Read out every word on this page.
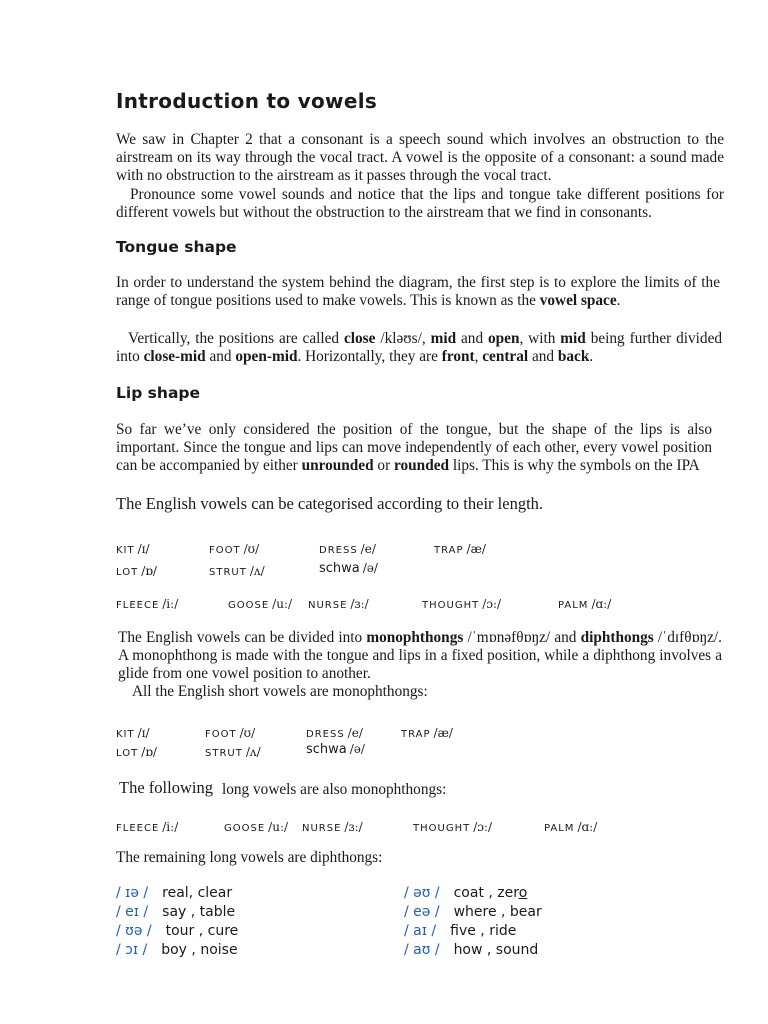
Introduction to vowels

We saw in Chapter 2 that a consonant is a speech sound which involves an obstruction to the airstream on its way through the vocal tract. A vowel is the opposite of a consonant: a sound made with no obstruction to the airstream as it passes through the vocal tract.

Pronounce some vowel sounds and notice that the lips and tongue take different positions for different vowels but without the obstruction to the airstream that we find in consonants.

Tongue shape

In order to understand the system behind the diagram, the first step is to explore the limits of the range of tongue positions used to make vowels. This is known as the vowel space.

Vertically, the positions are called close /kləʊs/, mid and open, with mid being further divided into close-mid and open-mid. Horizontally, they are front, central and back.

Lip shape

So far we’ve only considered the position of the tongue, but the shape of the lips is also important. Since the tongue and lips can move independently of each other, every vowel position can be accompanied by either unrounded or rounded lips. This is why the symbols on the IPA

The English vowels can be categorised according to their length.

KIT /ɪ/	FOOT /ʊ/	DRESS /e/	TRAP /æ/
LOT /ɒ/	STRUT /ʌ/	schwa /ə/
FLEECE /iː/	GOOSE /uː/ NURSE /ɜː/	THOUGHT /ɔː/	PALM /ɑː/

The English vowels can be divided into monophthongs /ˈmɒnəfθɒŋz/ and diphthongs /ˈdɪfθɒŋz/. A monophthong is made with the tongue and lips in a fixed position, while a diphthong involves a glide from one vowel position to another.

All the English short vowels are monophthongs:

KIT /ɪ/	FOOT /ʊ/	DRESS /e/	TRAP /æ/
LOT /ɒ/	STRUT /ʌ/	schwa /ə/

The following long vowels are also monophthongs:

FLEECE /iː/	GOOSE /uː/ NURSE /ɜː/	THOUGHT /ɔː/	PALM /ɑː/

The remaining long vowels are diphthongs:

/ ɪə / real, clear
/ eɪ / say , table
/ ʊə / tour , cure
/ ɔɪ / boy , noise
/ əʊ / coat , zero
/ eə / where , bear
/ aɪ / five , ride
/ aʊ / how , sound
